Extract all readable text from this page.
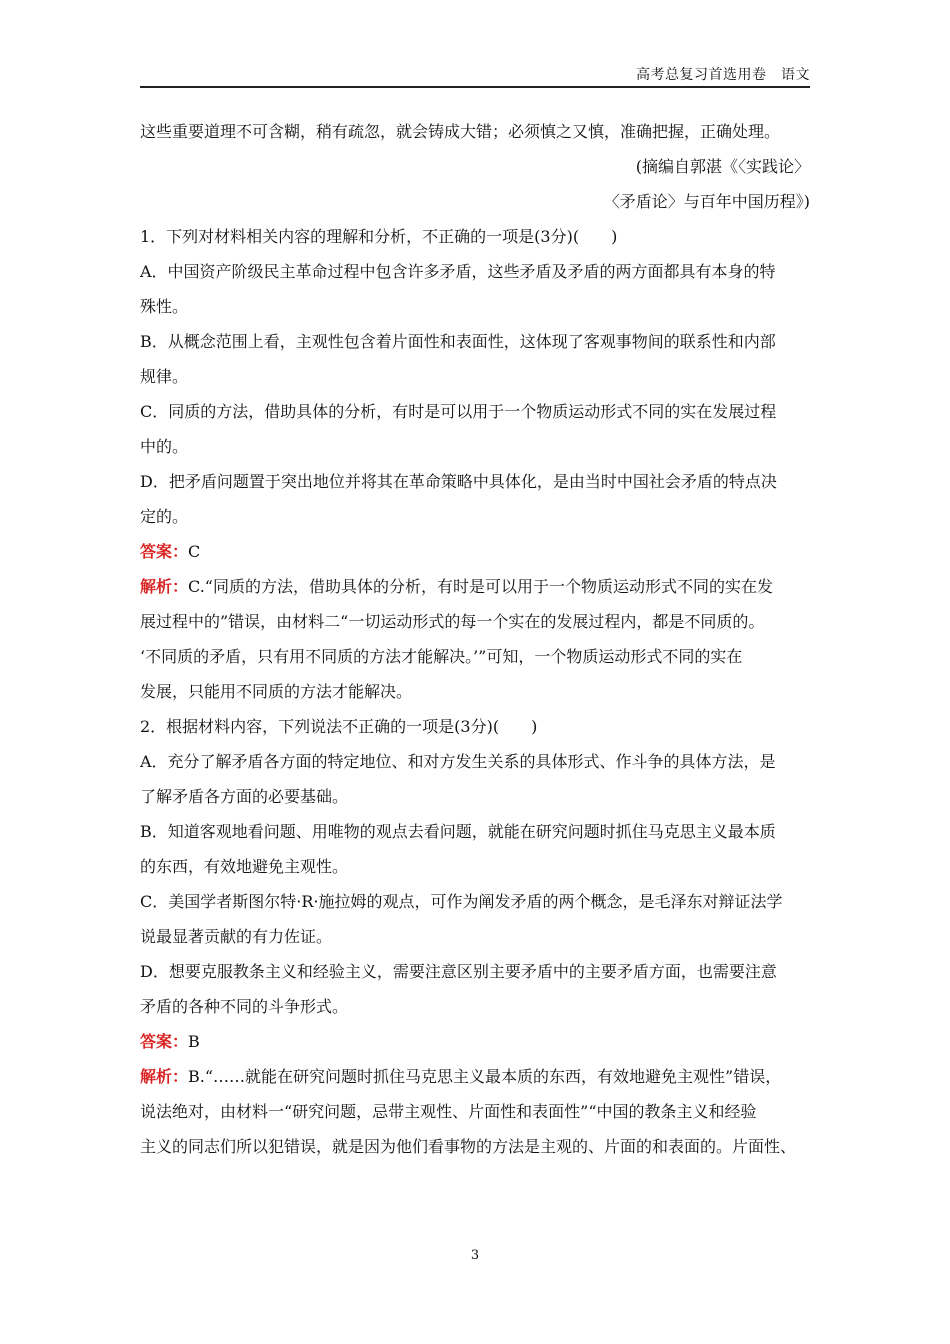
高考总复习首选用卷　语文
这些重要道理不可含糊，稍有疏忽，就会铸成大错；必须慎之又慎，准确把握，正确处理。
(摘编自郭湛《〈实践论〉
〈矛盾论〉与百年中国历程》)
1．下列对材料相关内容的理解和分析，不正确的一项是(3分)(　　)
A．中国资产阶级民主革命过程中包含许多矛盾，这些矛盾及矛盾的两方面都具有本身的特
殊性。
B．从概念范围上看，主观性包含着片面性和表面性，这体现了客观事物间的联系性和内部
规律。
C．同质的方法，借助具体的分析，有时是可以用于一个物质运动形式不同的实在发展过程
中的。
D．把矛盾问题置于突出地位并将其在革命策略中具体化，是由当时中国社会矛盾的特点决
定的。
答案：C
解析：C.“同质的方法，借助具体的分析，有时是可以用于一个物质运动形式不同的实在发
展过程中的”错误，由材料二“一切运动形式的每一个实在的发展过程内，都是不同质的。
‘不同质的矛盾，只有用不同质的方法才能解决。’”可知，一个物质运动形式不同的实在
发展，只能用不同质的方法才能解决。
2．根据材料内容，下列说法不正确的一项是(3分)(　　)
A．充分了解矛盾各方面的特定地位、和对方发生关系的具体形式、作斗争的具体方法，是
了解矛盾各方面的必要基础。
B．知道客观地看问题、用唯物的观点去看问题，就能在研究问题时抓住马克思主义最本质
的东西，有效地避免主观性。
C．美国学者斯图尔特·R·施拉姆的观点，可作为阐发矛盾的两个概念，是毛泽东对辩证法学
说最显著贡献的有力佐证。
D．想要克服教条主义和经验主义，需要注意区别主要矛盾中的主要矛盾方面，也需要注意
矛盾的各种不同的斗争形式。
答案：B
解析：B.“……就能在研究问题时抓住马克思主义最本质的东西，有效地避免主观性”错误，
说法绝对，由材料一“研究问题，忌带主观性、片面性和表面性”“中国的教条主义和经验
主义的同志们所以犯错误，就是因为他们看事物的方法是主观的、片面的和表面的。片面性、
3
